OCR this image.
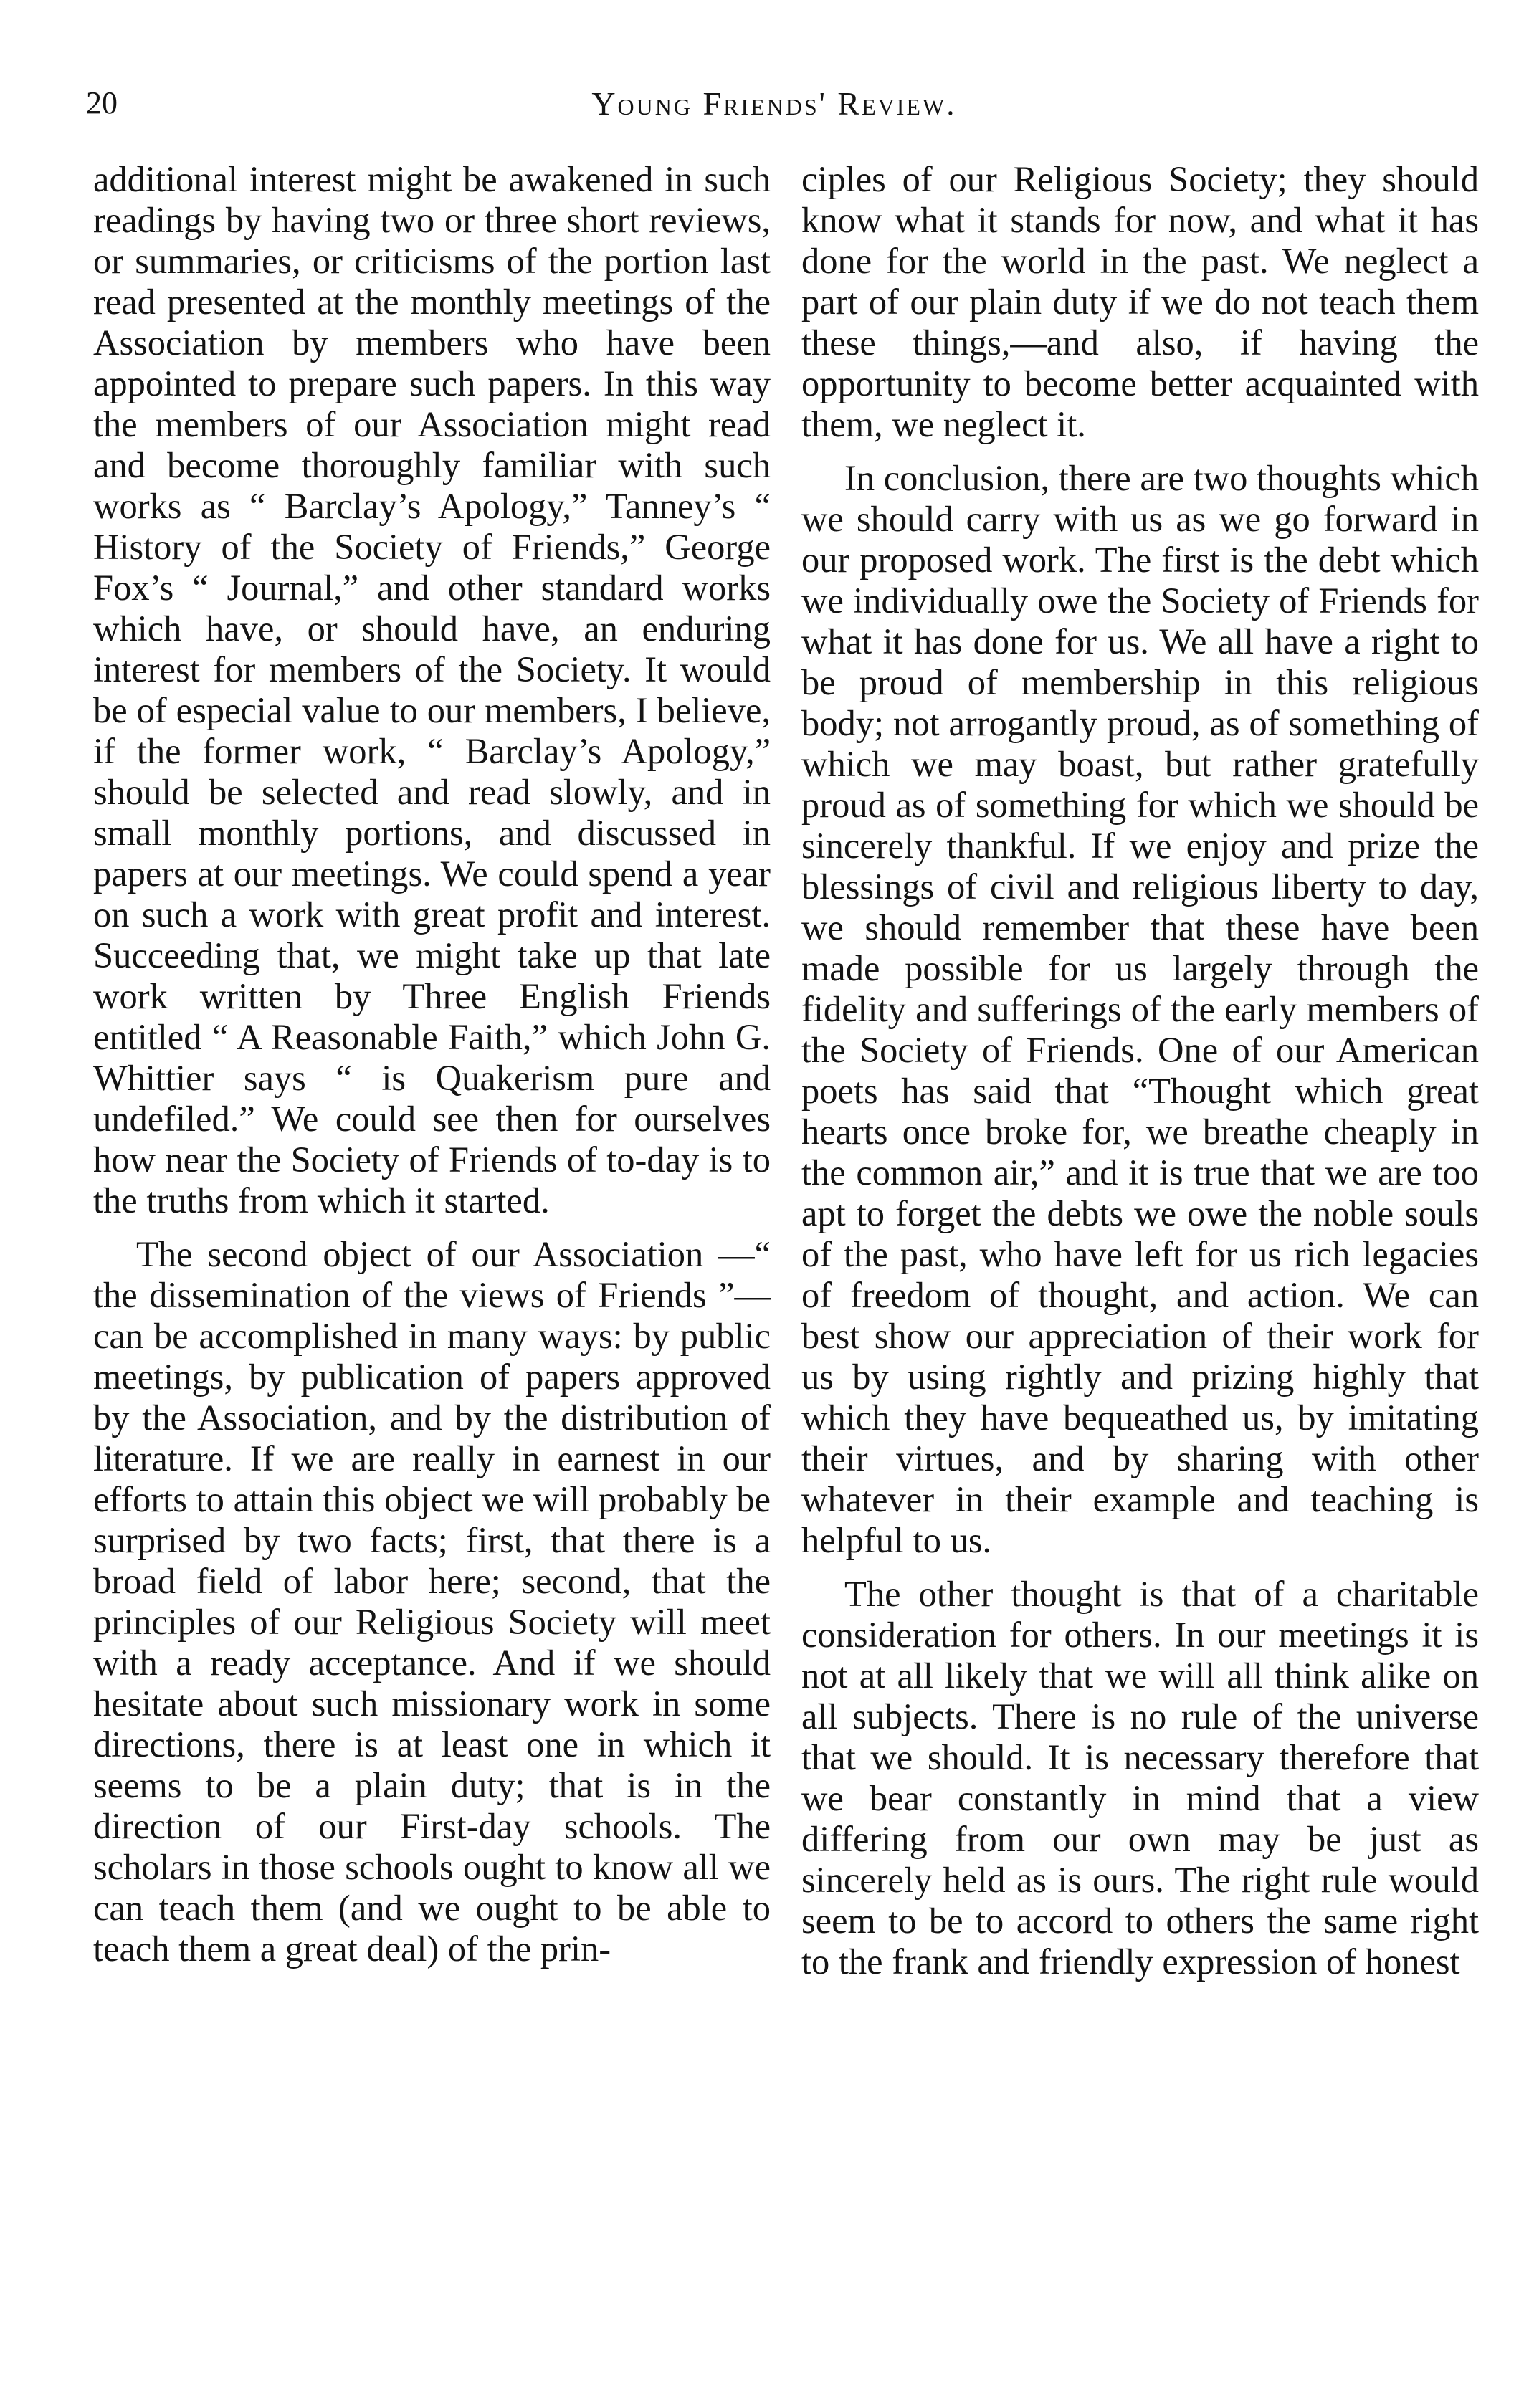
20	Young Friends' Review.

additional interest might be awakened in such readings by having two or three short reviews, or summaries, or criticisms of the portion last read presented at the monthly meetings of the Association by members who have been appointed to prepare such papers. In this way the members of our Association might read and become thoroughly familiar with such works as “ Barclay’s Apology,” Tanney’s “ History of the Society of Friends,” George Fox’s “ Journal,” and other standard works which have, or should have, an enduring interest for members of the Society. It would be of especial value to our members, I believe, if the former work, “ Barclay’s Apology,” should be selected and read slowly, and in small monthly portions, and discussed in papers at our meetings. We could spend a year on such a work with great profit and interest. Succeeding that, we might take up that late work written by Three English Friends entitled “ A Reasonable Faith,” which John G. Whittier says “ is Quakerism pure and undefiled.” We could see then for ourselves how near the Society of Friends of to-day is to the truths from which it started.

The second object of our Association —“ the dissemination of the views of Friends ”—can be accomplished in many ways: by public meetings, by publication of papers approved by the Association, and by the distribution of literature. If we are really in earnest in our efforts to attain this object we will probably be surprised by two facts; first, that there is a broad field of labor here; second, that the principles of our Religious Society will meet with a ready acceptance. And if we should hesitate about such missionary work in some directions, there is at least one in which it seems to be a plain duty; that is in the direction of our First-day schools. The scholars in those schools ought to know all we can teach them (and we ought to be able to teach them a great deal) of the prin-

ciples of our Religious Society; they should know what it stands for now, and what it has done for the world in the past. We neglect a part of our plain duty if we do not teach them these things,—and also, if having the opportunity to become better acquainted with them, we neglect it.

In conclusion, there are two thoughts which we should carry with us as we go forward in our proposed work. The first is the debt which we individually owe the Society of Friends for what it has done for us. We all have a right to be proud of membership in this religious body; not arrogantly proud, as of something of which we may boast, but rather gratefully proud as of something for which we should be sincerely thankful. If we enjoy and prize the blessings of civil and religious liberty to day, we should remember that these have been made possible for us largely through the fidelity and sufferings of the early members of the Society of Friends. One of our American poets has said that “Thought which great hearts once broke for, we breathe cheaply in the common air,” and it is true that we are too apt to forget the debts we owe the noble souls of the past, who have left for us rich legacies of freedom of thought, and action. We can best show our appreciation of their work for us by using rightly and prizing highly that which they have bequeathed us, by imitating their virtues, and by sharing with other whatever in their example and teaching is helpful to us.

The other thought is that of a charitable consideration for others. In our meetings it is not at all likely that we will all think alike on all subjects. There is no rule of the universe that we should. It is necessary therefore that we bear constantly in mind that a view differing from our own may be just as sincerely held as is ours. The right rule would seem to be to accord to others the same right to the frank and friendly expression of honest
